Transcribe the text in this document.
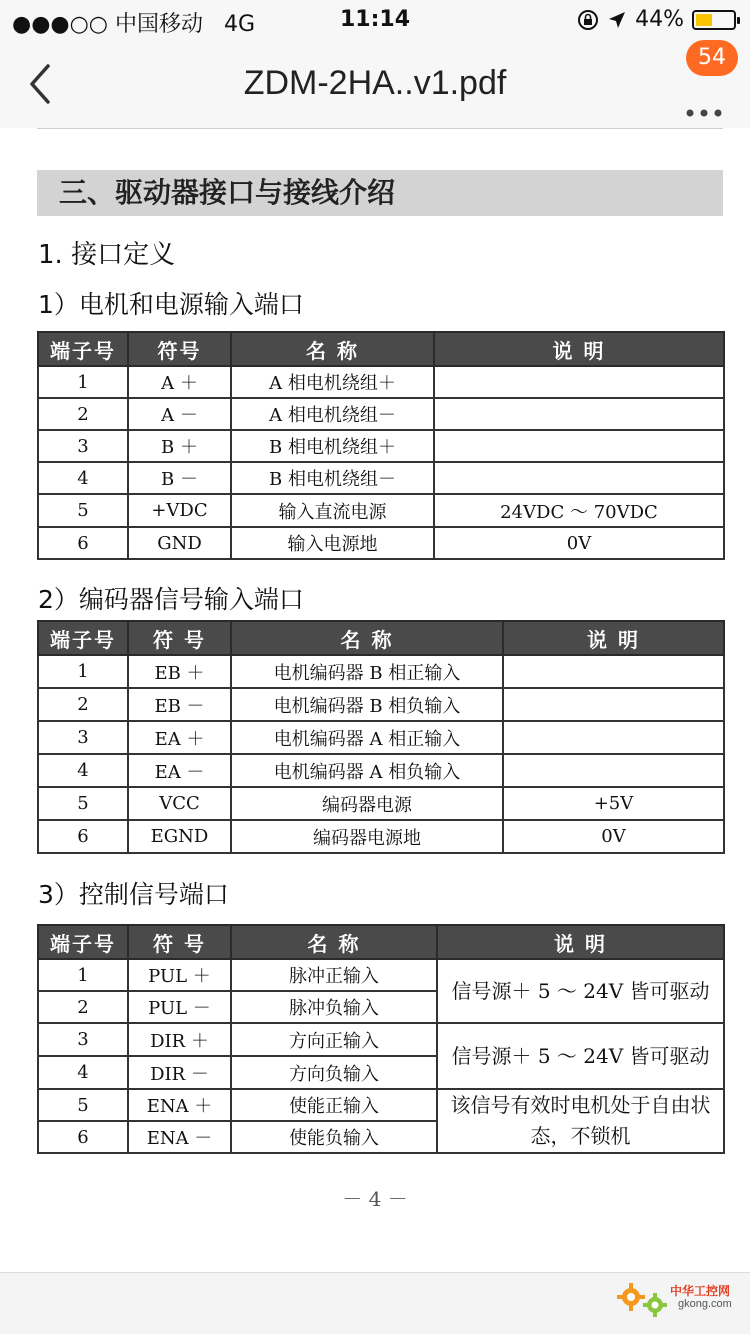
●●●○○ 中国移动 4G	11:14	44%
ZDM-2HA..v1.pdf
54
三、驱动器接口与接线介绍
1. 接口定义
1）电机和电源输入端口
端子号	符号	名 称	说 明
1	A ＋	A 相电机绕组＋	
2	A －	A 相电机绕组－	
3	B ＋	B 相电机绕组＋	
4	B －	B 相电机绕组－	
5	+VDC	输入直流电源	24VDC ～ 70VDC
6	GND	输入电源地	0V
2）编码器信号输入端口
端子号	符 号	名 称	说 明
1	EB ＋	电机编码器 B 相正输入	
2	EB －	电机编码器 B 相负输入	
3	EA ＋	电机编码器 A 相正输入	
4	EA －	电机编码器 A 相负输入	
5	VCC	编码器电源	+5V
6	EGND	编码器电源地	0V
3）控制信号端口
端子号	符 号	名 称	说 明
1	PUL ＋	脉冲正输入	信号源＋ 5 ～ 24V 皆可驱动
2	PUL －	脉冲负输入	
3	DIR ＋	方向正输入	信号源＋ 5 ～ 24V 皆可驱动
4	DIR －	方向负输入	
5	ENA ＋	使能正输入	该信号有效时电机处于自由状态，不锁机
6	ENA －	使能负输入	
－ 4 －
中华工控网
gkong.com
